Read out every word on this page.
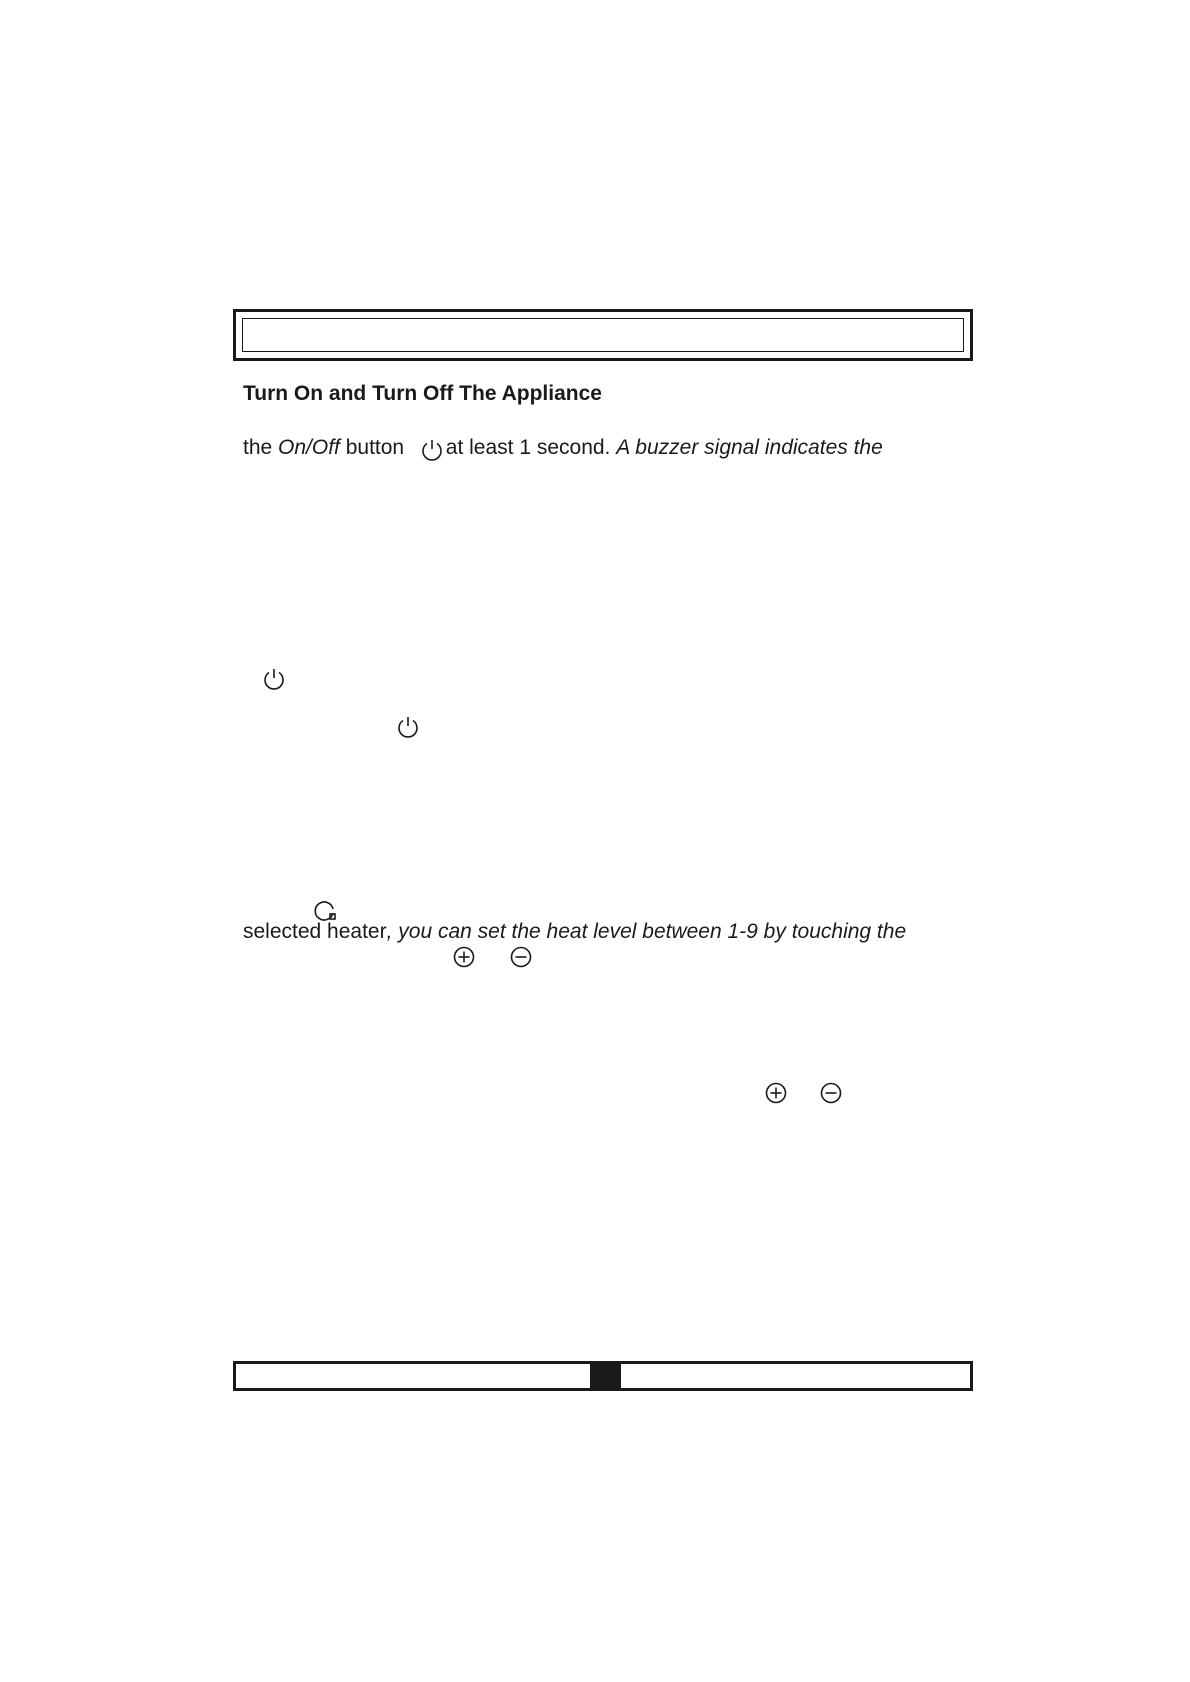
Turn On and Turn Off The Appliance
the On/Off button  at least 1 second. A buzzer signal indicates the
selected heater, you can set the heat level between 1-9 by touching the
